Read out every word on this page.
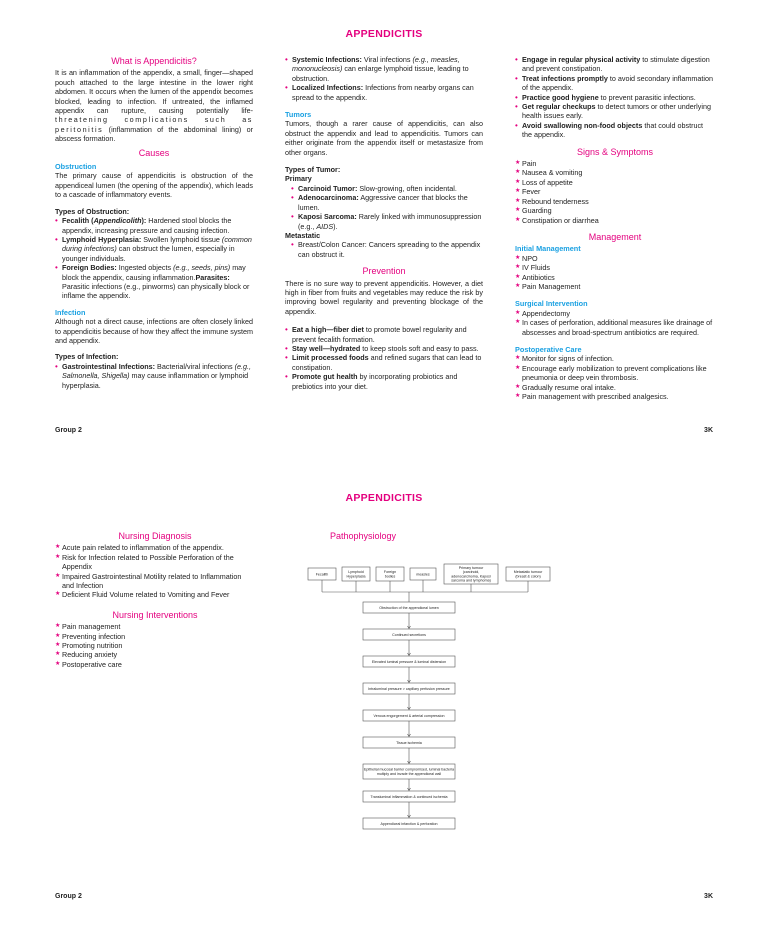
APPENDICITIS
What is Appendicitis?

It is an inflammation of the appendix, a small, finger—shaped pouch attached to the large intestine in the lower right abdomen. It occurs when the lumen of the appendix becomes blocked, leading to infection. If untreated, the inflamed appendix can rupture, causing potentially life- threatening complications such as peritonitis (inflammation of the abdominal lining) or abscess formation.

Causes
Obstruction

The primary cause of appendicitis is obstruction of the appendiceal lumen (the opening of the appendix), which leads to a cascade of inflammatory events.

Types of Obstruction:
• Fecalith (Appendicolith): Hardened stool blocks the appendix, increasing pressure and causing infection.
• Lymphoid Hyperplasia: Swollen lymphoid tissue (common during infections) can obstruct the lumen, especially in younger individuals.
• Foreign Bodies: Ingested objects (e.g., seeds, pins) may block the appendix, causing inflammation.Parasites: Parasitic infections (e.g., pinworms) can physically block or inflame the appendix.
Infection

Although not a direct cause, infections are often closely linked to appendicitis because of how they affect the immune system and appendix.

Types of Infection:
• Gastrointestinal Infections: Bacterial/viral infections (e.g., Salmonella, Shigella) may cause inflammation or lymphoid hyperplasia.
• Systemic Infections: Viral infections (e.g., measles, mononucleosis) can enlarge lymphoid tissue, leading to obstruction.
• Localized Infections: Infections from nearby organs can spread to the appendix.
Tumors

Tumors, though a rarer cause of appendicitis, can also obstruct the appendix and lead to appendicitis. Tumors can either originate from the appendix itself or metastasize from other organs.

Types of Tumor:
Primary
• Carcinoid Tumor: Slow-growing, often incidental.
• Adenocarcinoma: Aggressive cancer that blocks the lumen.
• Kaposi Sarcoma: Rarely linked with immunosuppression (e.g., AIDS).
Metastatic
• Breast/Colon Cancer: Cancers spreading to the appendix can obstruct it.
Prevention

There is no sure way to prevent appendicitis. However, a diet high in fiber from fruits and vegetables may reduce the risk by improving bowel regularity and preventing blockage of the appendix.

• Eat a high—fiber diet to promote bowel regularity and prevent fecalith formation.
• Stay well—hydrated to keep stools soft and easy to pass.
• Limit processed foods and refined sugars that can lead to constipation.
• Promote gut health by incorporating probiotics and prebiotics into your diet.
• Engage in regular physical activity to stimulate digestion and prevent constipation.
• Treat infections promptly to avoid secondary inflammation of the appendix.
• Practice good hygiene to prevent parasitic infections.
• Get regular checkups to detect tumors or other underlying health issues early.
• Avoid swallowing non-food objects that could obstruct the appendix.
Signs & Symptoms
★ Pain
★ Nausea & vomiting
★ Loss of appetite
★ Fever
★ Rebound tenderness
★ Guarding
★ Constipation or diarrhea
Management
Initial Management
★ NPO
★ IV Fluids
★ Antibiotics
★ Pain Management
Surgical Intervention
★ Appendectomy
★ In cases of perforation, additional measures like drainage of abscesses and broad-spectrum antibiotics are required.
Postoperative Care
★ Monitor for signs of infection.
★ Encourage early mobilization to prevent complications like pneumonia or deep vein thrombosis.
★ Gradually resume oral intake.
★ Pain management with prescribed analgesics.
Group 2	3K
APPENDICITIS
Nursing Diagnosis
★ Acute pain related to inflammation of the appendix.
★ Risk for Infection related to Possible Perforation of the Appendix
★ Impaired Gastrointestinal Motility related to Inflammation and Infection
★ Deficient Fluid Volume related to Vomiting and Fever
Nursing Interventions
★ Pain management
★ Preventing infection
★ Promoting nutrition
★ Reducing anxiety
★ Postoperative care
Pathophysiology
Fecalith
Lymphoid Hyperplasia
Foreign bodies
measles
Primary tumour (carcinoid, adenocarcinoma, Kaposi sarcoma and lymphoma)
Metastatic tumour (breast & colon)
Obstruction of the appendiceal lumen
Continued secretions
Elevated luminal pressure & luminal distension
Intraluminal pressure > capillary perfusion pressure
Venous engorgement & arterial compression
Tissue ischemia
Epithelial mucosal barrier compromised, luminal bacteria multiply and invade the appendiceal wall
Transluminal inflammation & continued ischemia
Appendiceal infarction & perforation
Group 2	3K
